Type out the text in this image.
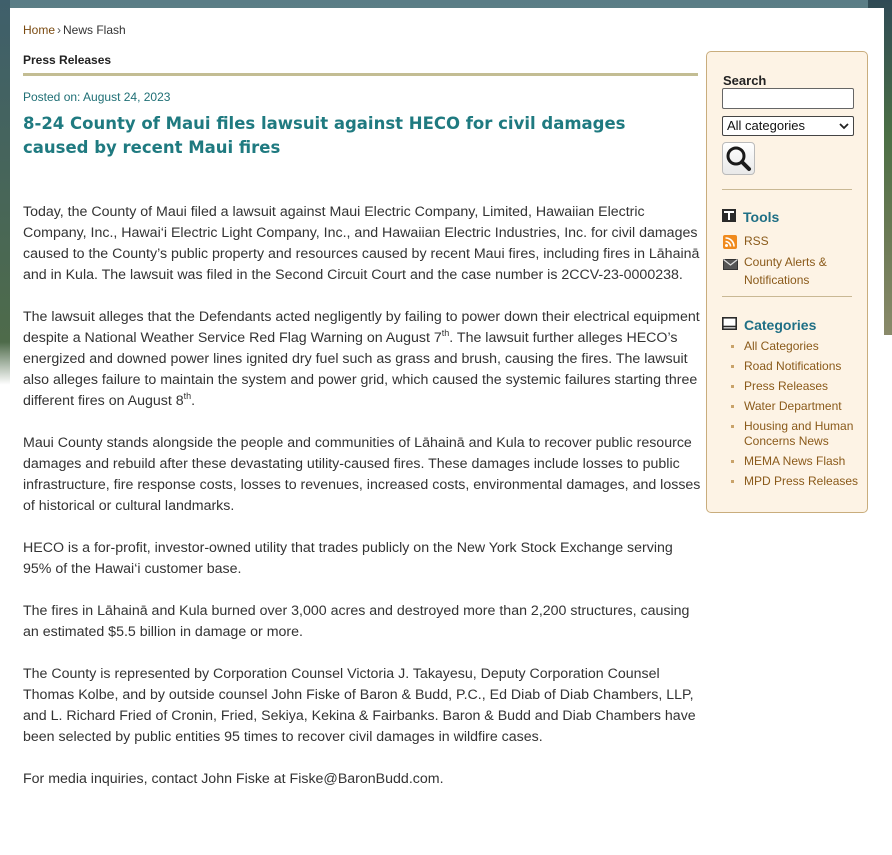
Home › News Flash
Press Releases
Posted on: August 24, 2023
8-24 County of Maui files lawsuit against HECO for civil damages caused by recent Maui fires

Today, the County of Maui filed a lawsuit against Maui Electric Company, Limited, Hawaiian Electric Company, Inc., Hawai‘i Electric Light Company, Inc., and Hawaiian Electric Industries, Inc. for civil damages caused to the County’s public property and resources caused by recent Maui fires, including fires in Lāhainā and in Kula. The lawsuit was filed in the Second Circuit Court and the case number is 2CCV-23-0000238.

The lawsuit alleges that the Defendants acted negligently by failing to power down their electrical equipment despite a National Weather Service Red Flag Warning on August 7th. The lawsuit further alleges HECO’s energized and downed power lines ignited dry fuel such as grass and brush, causing the fires. The lawsuit also alleges failure to maintain the system and power grid, which caused the systemic failures starting three different fires on August 8th.

Maui County stands alongside the people and communities of Lāhainā and Kula to recover public resource damages and rebuild after these devastating utility-caused fires. These damages include losses to public infrastructure, fire response costs, losses to revenues, increased costs, environmental damages, and losses of historical or cultural landmarks.

HECO is a for-profit, investor-owned utility that trades publicly on the New York Stock Exchange serving 95% of the Hawai‘i customer base.

The fires in Lāhainā and Kula burned over 3,000 acres and destroyed more than 2,200 structures, causing an estimated $5.5 billion in damage or more.

The County is represented by Corporation Counsel Victoria J. Takayesu, Deputy Corporation Counsel Thomas Kolbe, and by outside counsel John Fiske of Baron & Budd, P.C., Ed Diab of Diab Chambers, LLP, and L. Richard Fried of Cronin, Fried, Sekiya, Kekina & Fairbanks. Baron & Budd and Diab Chambers have been selected by public entities 95 times to recover civil damages in wildfire cases.

For media inquiries, contact John Fiske at Fiske@BaronBudd.com.

Search
All categories
Tools
RSS
County Alerts & Notifications
Categories
All Categories
Road Notifications
Press Releases
Water Department
Housing and Human Concerns News
MEMA News Flash
MPD Press Releases
